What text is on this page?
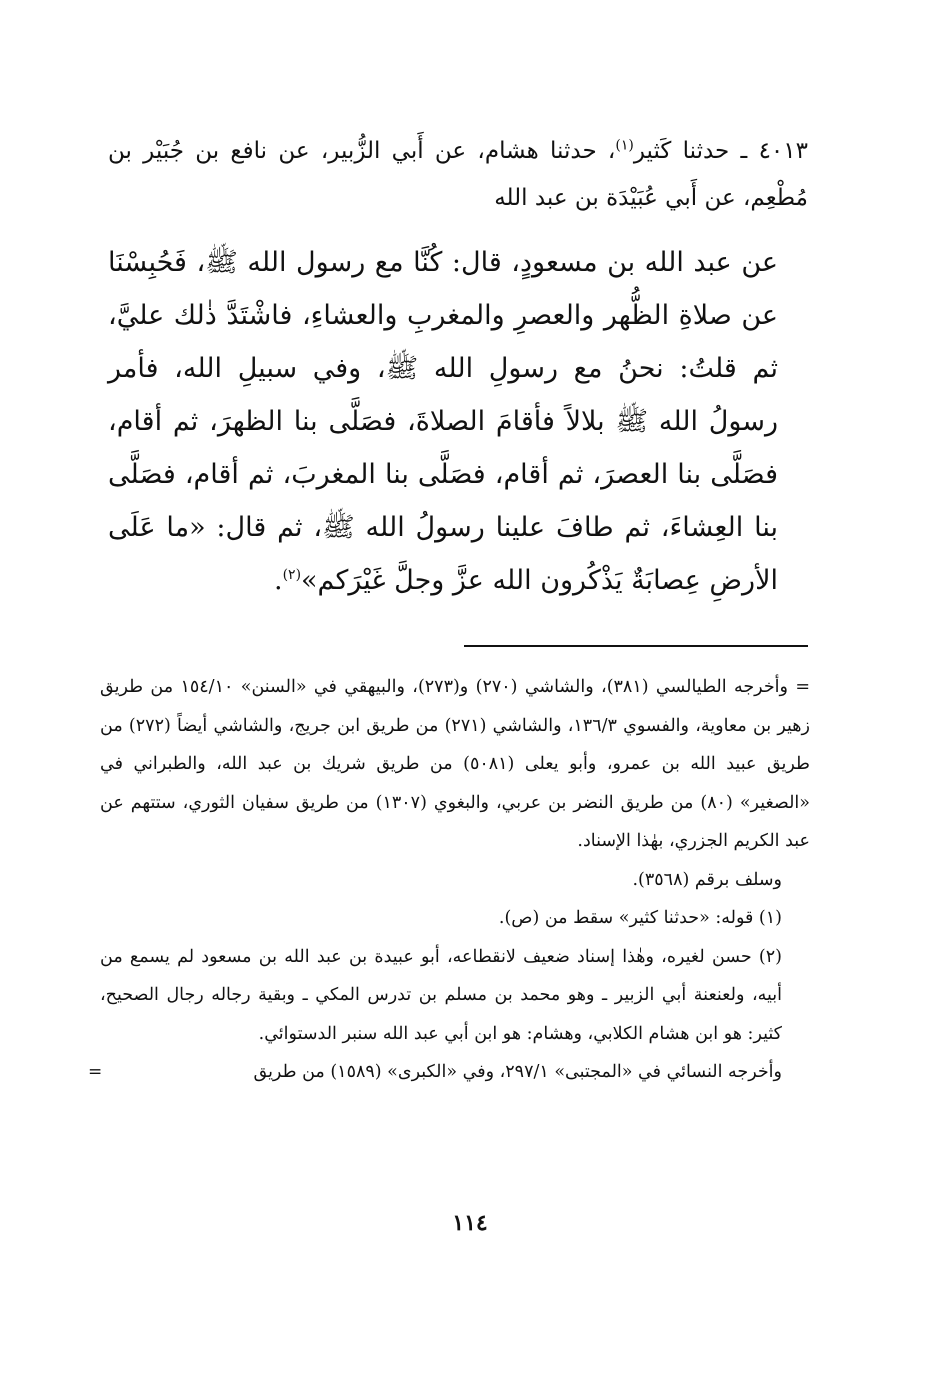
٤٠١٣ ـ حدثنا كَثير$^{(١)}$، حدثنا هشام، عن أَبي الزُّبير، عن نافع بن جُبَيْر بن مُطْعِم، عن أَبي عُبَيْدَة بن عبد الله

عن عبد الله بن مسعودٍ، قال: كُنَّا مع رسول الله ﷺ، فَحُبِسْنَا عن صلاةِ الظُّهر والعصرِ والمغربِ والعشاءِ، فاشْتَدَّ ذٰلك عليَّ، ثم قلتُ: نحنُ مع رسولِ الله ﷺ، وفي سبيلِ الله، فأمر رسولُ الله ﷺ بلالاً فأقامَ الصلاةَ، فصَلَّى بنا الظهرَ، ثم أقام، فصَلَّى بنا العصرَ، ثم أقام، فصَلَّى بنا المغربَ، ثم أقام، فصَلَّى بنا العِشاءَ، ثم طافَ علينا رسولُ الله ﷺ، ثم قال: «ما عَلَى الأرضِ عِصابَةٌ يَذْكُرون الله عزَّ وجلَّ غَيْرَكم»$^{(٢)}$.

= وأخرجه الطيالسي (٣٨١)، والشاشي (٢٧٠) و(٢٧٣)، والبيهقي في «السنن» ١٥٤/١٠ من طريق زهير بن معاوية، والفسوي ١٣٦/٣، والشاشي (٢٧١) من طريق ابن جريج، والشاشي أيضاً (٢٧٢) من طريق عبيد الله بن عمرو، وأبو يعلى (٥٠٨١) من طريق شريك بن عبد الله، والطبراني في «الصغير» (٨٠) من طريق النضر بن عربي، والبغوي (١٣٠٧) من طريق سفيان الثوري، ستتهم عن عبد الكريم الجزري، بهٰذا الإسناد.

وسلف برقم (٣٥٦٨).

(١) قوله: «حدثنا كثير» سقط من (ص).

(٢) حسن لغيره، وهٰذا إسناد ضعيف لانقطاعه، أبو عبيدة بن عبد الله بن مسعود لم يسمع من أبيه، ولعنعنة أبي الزبير ـ وهو محمد بن مسلم بن تدرس المكي ـ وبقية رجاله رجال الصحيح، كثير: هو ابن هشام الكلابي، وهشام: هو ابن أبي عبد الله سنبر الدستوائي.

وأخرجه النسائي في «المجتبى» ٢٩٧/١، وفي «الكبرى» (١٥٨٩) من طريق
=

١١٤
